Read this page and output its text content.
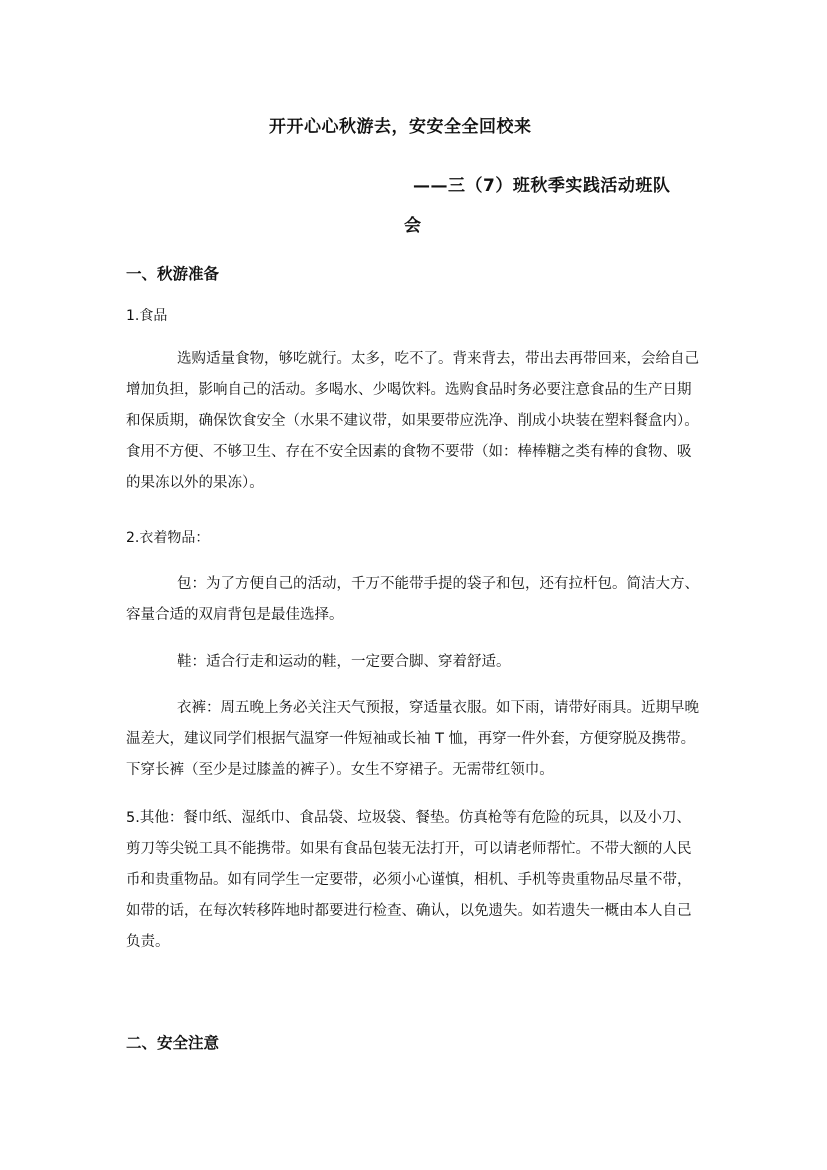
开开心心秋游去，安安全全回校来
——三（7）班秋季实践活动班队
会
一、秋游准备
1.食品
选购适量食物，够吃就行。太多，吃不了。背来背去，带出去再带回来，会给自己
增加负担，影响自己的活动。多喝水、少喝饮料。选购食品时务必要注意食品的生产日期
和保质期，确保饮食安全（水果不建议带，如果要带应洗净、削成小块装在塑料餐盒内）。
食用不方便、不够卫生、存在不安全因素的食物不要带（如：棒棒糖之类有棒的食物、吸
的果冻以外的果冻）。
2.衣着物品：
包：为了方便自己的活动，千万不能带手提的袋子和包，还有拉杆包。简洁大方、
容量合适的双肩背包是最佳选择。
鞋：适合行走和运动的鞋，一定要合脚、穿着舒适。
衣裤：周五晚上务必关注天气预报，穿适量衣服。如下雨，请带好雨具。近期早晚
温差大，建议同学们根据气温穿一件短袖或长袖 T 恤，再穿一件外套，方便穿脱及携带。
下穿长裤（至少是过膝盖的裤子）。女生不穿裙子。无需带红领巾。
5.其他：餐巾纸、湿纸巾、食品袋、垃圾袋、餐垫。仿真枪等有危险的玩具，以及小刀、
剪刀等尖锐工具不能携带。如果有食品包装无法打开，可以请老师帮忙。不带大额的人民
币和贵重物品。如有同学生一定要带，必须小心谨慎，相机、手机等贵重物品尽量不带，
如带的话，在每次转移阵地时都要进行检查、确认，以免遗失。如若遗失一概由本人自己
负责。
二、安全注意
